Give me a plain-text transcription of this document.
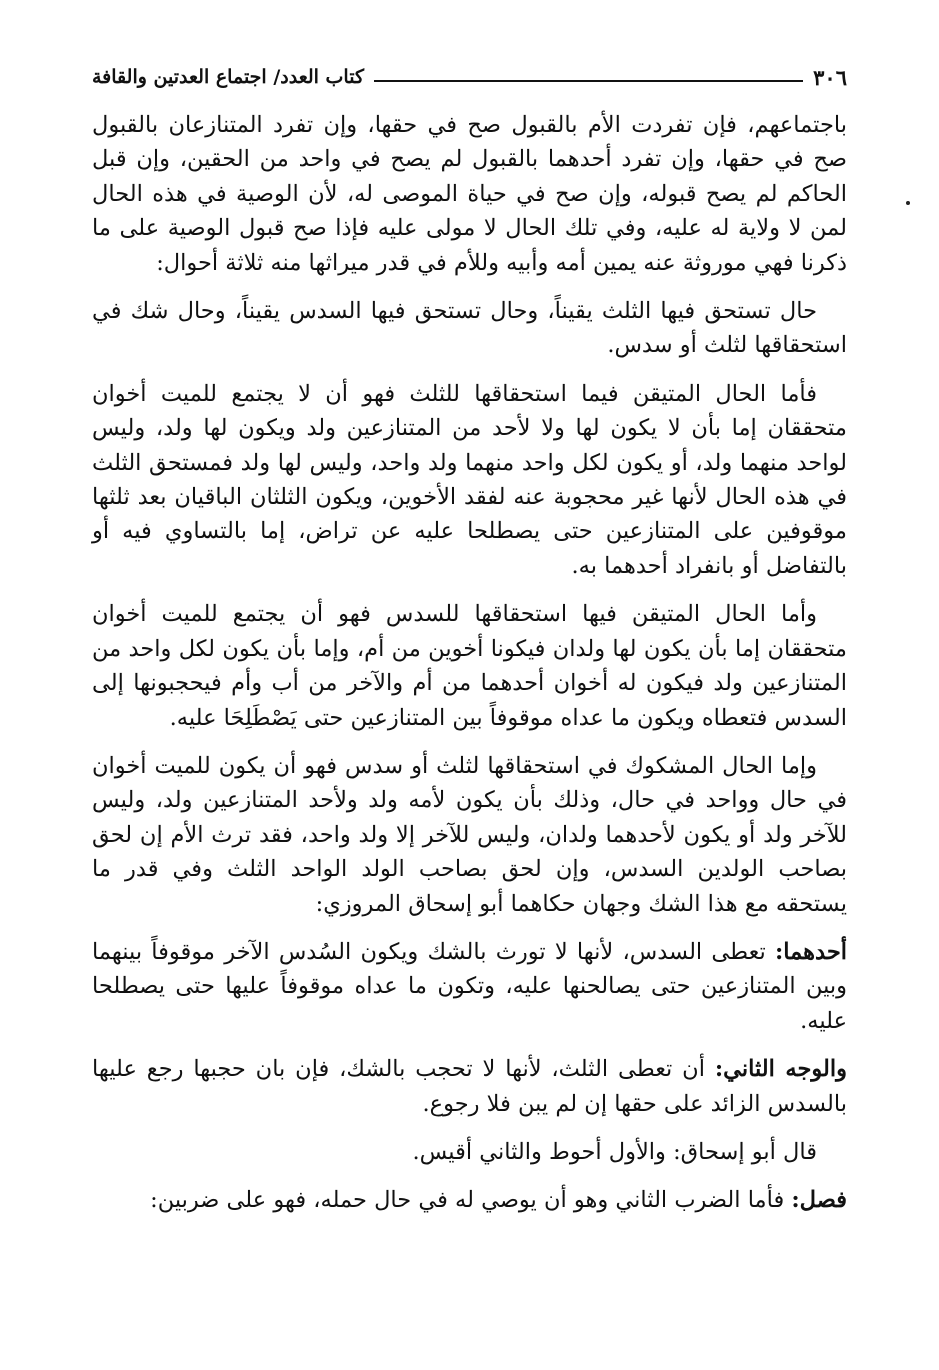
٣٠٦
كتاب العدد/ اجتماع العدتين والقافة

باجتماعهم، فإن تفردت الأم بالقبول صح في حقها، وإن تفرد المتنازعان بالقبول صح في حقها، وإن تفرد أحدهما بالقبول لم يصح في واحد من الحقين، وإن قبل الحاكم لم يصح قبوله، وإن صح في حياة الموصى له، لأن الوصية في هذه الحال لمن لا ولاية له عليه، وفي تلك الحال لا مولى عليه فإذا صح قبول الوصية على ما ذكرنا فهي موروثة عنه يمين أمه وأبيه وللأم في قدر ميراثها منه ثلاثة أحوال:

حال تستحق فيها الثلث يقيناً، وحال تستحق فيها السدس يقيناً، وحال شك في استحقاقها لثلث أو سدس.

فأما الحال المتيقن فيما استحقاقها للثلث فهو أن لا يجتمع للميت أخوان متحققان إما بأن لا يكون لها ولا لأحد من المتنازعين ولد ويكون لها ولد، وليس لواحد منهما ولد، أو يكون لكل واحد منهما ولد واحد، وليس لها ولد فمستحق الثلث في هذه الحال لأنها غير محجوبة عنه لفقد الأخوين، ويكون الثلثان الباقيان بعد ثلثها موقوفين على المتنازعين حتى يصطلحا عليه عن تراض، إما بالتساوي فيه أو بالتفاضل أو بانفراد أحدهما به.

وأما الحال المتيقن فيها استحقاقها للسدس فهو أن يجتمع للميت أخوان متحققان إما بأن يكون لها ولدان فيكونا أخوين من أم، وإما بأن يكون لكل واحد من المتنازعين ولد فيكون له أخوان أحدهما من أم والآخر من أب وأم فيحجبونها إلى السدس فتعطاه ويكون ما عداه موقوفاً بين المتنازعين حتى يَصْطَلِحَا عليه.

وإما الحال المشكوك في استحقاقها لثلث أو سدس فهو أن يكون للميت أخوان في حال وواحد في حال، وذلك بأن يكون لأمه ولد ولأحد المتنازعين ولد، وليس للآخر ولد أو يكون لأحدهما ولدان، وليس للآخر إلا ولد واحد، فقد ترث الأم إن لحق بصاحب الولدين السدس، وإن لحق بصاحب الولد الواحد الثلث وفي قدر ما يستحقه مع هذا الشك وجهان حكاهما أبو إسحاق المروزي:

أحدهما: تعطى السدس، لأنها لا تورث بالشك ويكون السُدس الآخر موقوفاً بينهما وبين المتنازعين حتى يصالحنها عليه، وتكون ما عداه موقوفاً عليها حتى يصطلحا عليه.

والوجه الثاني: أن تعطى الثلث، لأنها لا تحجب بالشك، فإن بان حجبها رجع عليها بالسدس الزائد على حقها إن لم يبن فلا رجوع.

قال أبو إسحاق: والأول أحوط والثاني أقيس.

فصل: فأما الضرب الثاني وهو أن يوصي له في حال حمله، فهو على ضربين:
